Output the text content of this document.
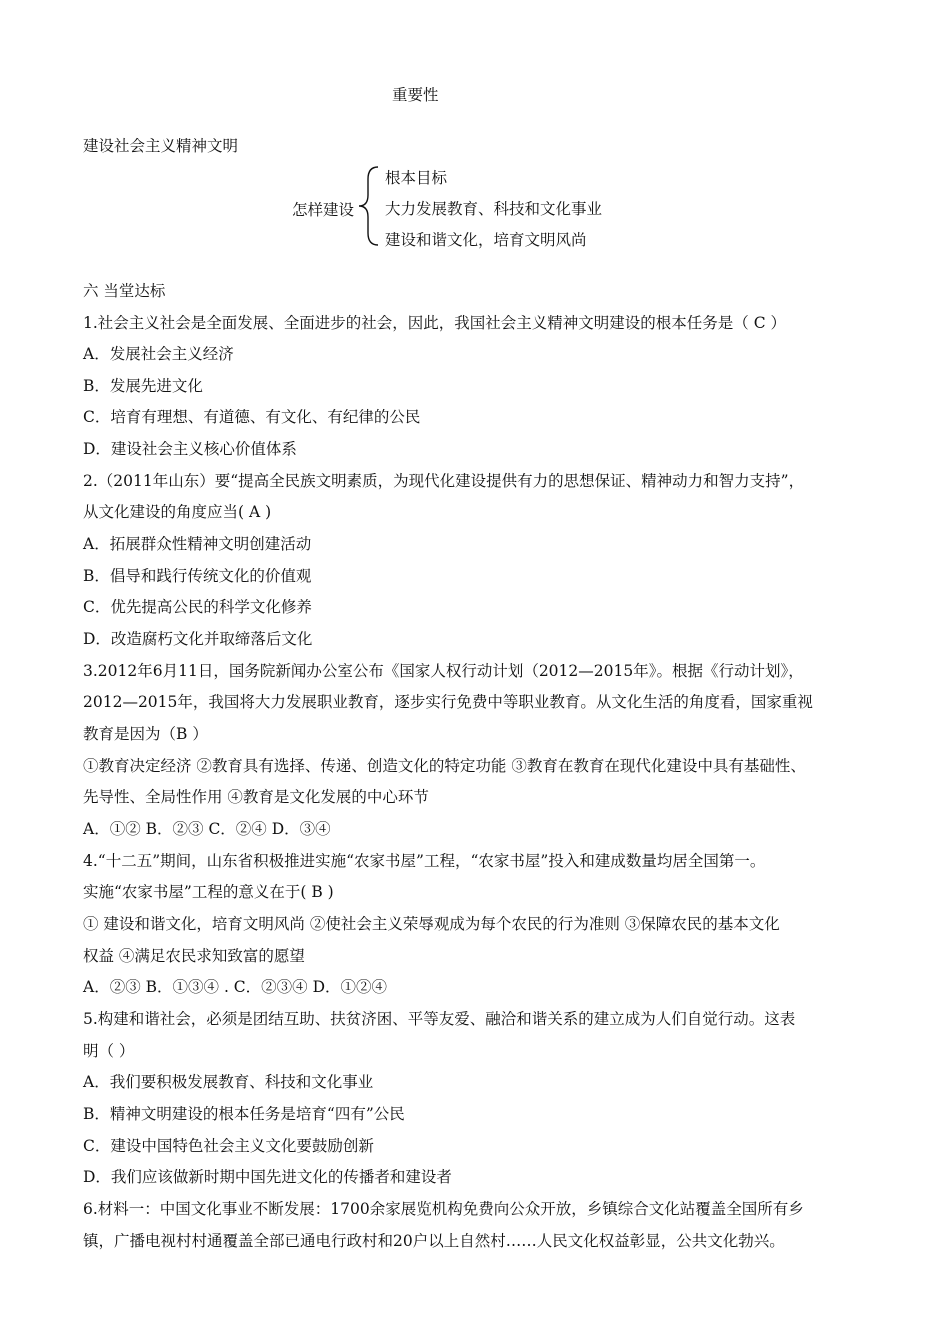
重要性
建设社会主义精神文明
怎样建设
根本目标
大力发展教育、科技和文化事业
建设和谐文化，培育文明风尚
六 当堂达标
1.社会主义社会是全面发展、全面进步的社会，因此，我国社会主义精神文明建设的根本任务是（ C ）
A．发展社会主义经济
B．发展先进文化
C．培育有理想、有道德、有文化、有纪律的公民
D．建设社会主义核心价值体系
2.（2011年山东）要“提高全民族文明素质，为现代化建设提供有力的思想保证、精神动力和智力支持”，
从文化建设的角度应当( A )
A．拓展群众性精神文明创建活动
B．倡导和践行传统文化的价值观
C．优先提高公民的科学文化修养
D．改造腐朽文化并取缔落后文化
3.2012年6月11日，国务院新闻办公室公布《国家人权行动计划（2012—2015年》。根据《行动计划》，
2012—2015年，我国将大力发展职业教育，逐步实行免费中等职业教育。从文化生活的角度看，国家重视
教育是因为（B ）
①教育决定经济 ②教育具有选择、传递、创造文化的特定功能 ③教育在教育在现代化建设中具有基础性、
先导性、全局性作用 ④教育是文化发展的中心环节
A．①② B．②③ C．②④ D．③④
4.“十二五”期间，山东省积极推进实施“农家书屋”工程，“农家书屋”投入和建成数量均居全国第一。
实施“农家书屋”工程的意义在于( B )
① 建设和谐文化，培育文明风尚 ②使社会主义荣辱观成为每个农民的行为准则 ③保障农民的基本文化
权益 ④满足农民求知致富的愿望
A．②③ B．①③④ . C．②③④ D．①②④
5.构建和谐社会，必须是团结互助、扶贫济困、平等友爱、融洽和谐关系的建立成为人们自觉行动。这表
明（ ）
A．我们要积极发展教育、科技和文化事业
B．精神文明建设的根本任务是培育“四有”公民
C．建设中国特色社会主义文化要鼓励创新
D．我们应该做新时期中国先进文化的传播者和建设者
6.材料一：中国文化事业不断发展：1700余家展览机构免费向公众开放，乡镇综合文化站覆盖全国所有乡
镇，广播电视村村通覆盖全部已通电行政村和20户以上自然村……人民文化权益彰显，公共文化勃兴。
